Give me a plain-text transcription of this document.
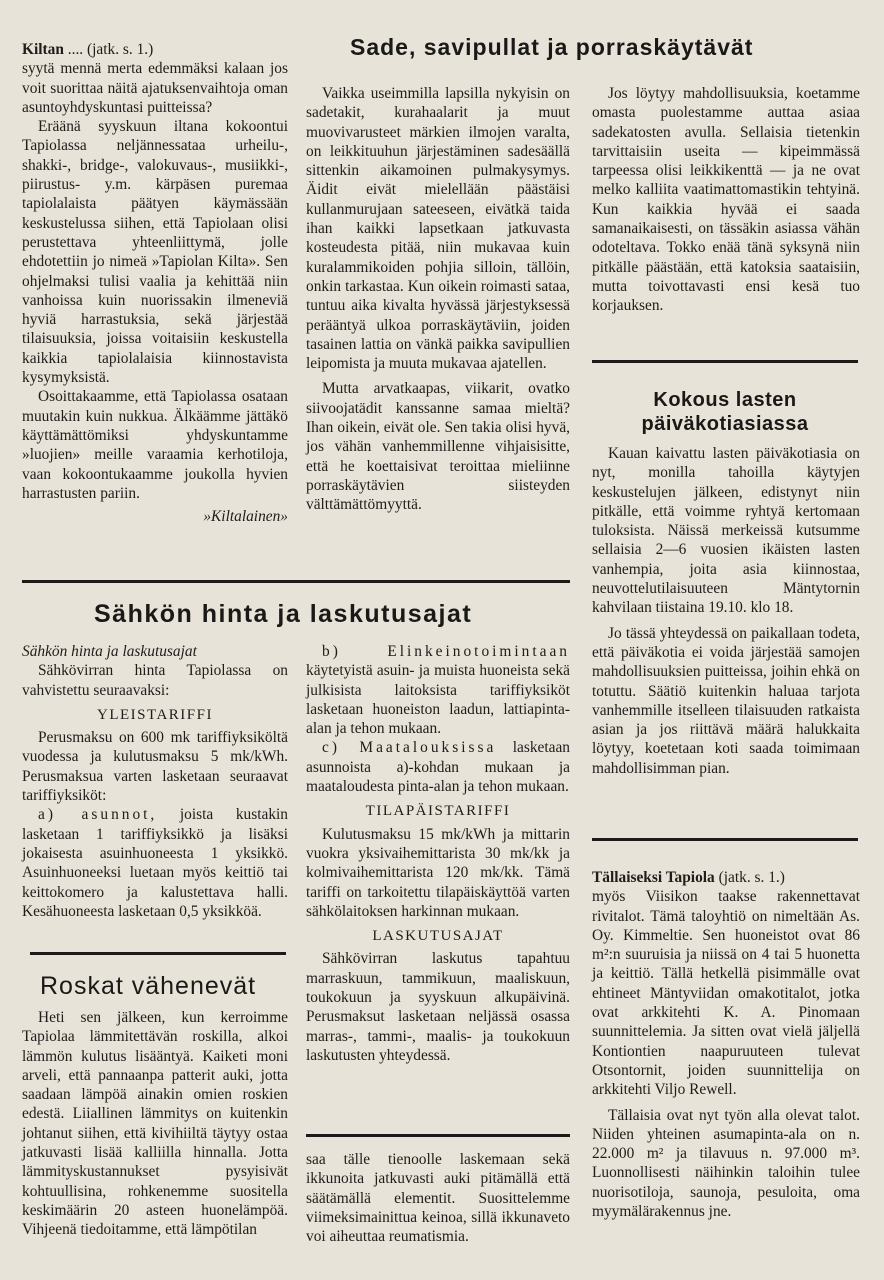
Kiltan .... (jatk. s. 1.)

syytä mennä merta edemmäksi kalaan jos voit suorittaa näitä ajatuksenvaihtoja oman asuntoyhdyskuntasi puitteissa?

Eräänä syyskuun iltana kokoontui Tapiolassa neljännessataa urheilu-, shakki-, bridge-, valokuvaus-, musiikki-, piirustus- y.m. kärpäsen puremaa tapiolalaista päätyen käymässään keskustelussa siihen, että Tapiolaan olisi perustettava yhteenliittymä, jolle ehdotettiin jo nimeä »Tapiolan Kilta». Sen ohjelmaksi tulisi vaalia ja kehittää niin vanhoissa kuin nuorissakin ilmeneviä hyviä harrastuksia, sekä järjestää tilaisuuksia, joissa voitaisiin keskustella kaikkia tapiolalaisia kiinnostavista kysymyksistä.

Osoittakaamme, että Tapiolassa osataan muutakin kuin nukkua. Älkäämme jättäkö käyttämättömiksi yhdyskuntamme »luojien» meille varaamia kerhotiloja, vaan kokoontukaamme joukolla hyvien harrastusten pariin.

»Kiltalainen»

Sade, savipullat ja porraskäytävät

Vaikka useimmilla lapsilla nykyisin on sadetakit, kurahaalarit ja muut muovivarusteet märkien ilmojen varalta, on leikkituuhun järjestäminen sadesäällä sittenkin aikamoinen pulmakysymys. Äidit eivät mielellään päästäisi kullanmurujaan sateeseen, eivätkä taida ihan kaikki lapsetkaan jatkuvasta kosteudesta pitää, niin mukavaa kuin kuralammikoiden pohjia silloin, tällöin, onkin tarkastaa. Kun oikein roimasti sataa, tuntuu aika kivalta hyvässä järjestyksessä perääntyä ulkoa porraskäytäviin, joiden tasainen lattia on vänkä paikka savipullien leipomista ja muuta mukavaa ajatellen.

Mutta arvatkaapas, viikarit, ovatko siivoojatädit kanssanne samaa mieltä? Ihan oikein, eivät ole. Sen takia olisi hyvä, jos vähän vanhemmillenne vihjaisisitte, että he koettaisivat teroittaa mieliinne porraskäytävien siisteyden välttämättömyyttä.

Jos löytyy mahdollisuuksia, koetamme omasta puolestamme auttaa asiaa sadekatosten avulla. Sellaisia tietenkin tarvittaisiin useita — kipeimmässä tarpeessa olisi leikkikenttä — ja ne ovat melko kalliita vaatimattomastikin tehtyinä. Kun kaikkia hyvää ei saada samanaikaisesti, on tässäkin asiassa vähän odoteltava. Tokko enää tänä syksynä niin pitkälle päästään, että katoksia saataisiin, mutta toivottavasti ensi kesä tuo korjauksen.

Kokous lasten
päiväkotiasiassa

Kauan kaivattu lasten päiväkotiasia on nyt, monilla tahoilla käytyjen keskustelujen jälkeen, edistynyt niin pitkälle, että voimme ryhtyä kertomaan tuloksista. Näissä merkeissä kutsumme sellaisia 2—6 vuosien ikäisten lasten vanhempia, joita asia kiinnostaa, neuvottelutilaisuuteen Mäntytornin kahvilaan tiistaina 19.10. klo 18.

Jo tässä yhteydessä on paikallaan todeta, että päiväkotia ei voida järjestää samojen mahdollisuuksien puitteissa, joihin ehkä on totuttu. Säätiö kuitenkin haluaa tarjota vanhemmille itselleen tilaisuuden ratkaista asian ja jos riittävä määrä halukkaita löytyy, koetetaan koti saada toimimaan mahdollisimman pian.

Tällaiseksi Tapiola (jatk. s. 1.)

myös Viisikon taakse rakennettavat rivitalot. Tämä taloyhtiö on nimeltään As. Oy. Kimmeltie. Sen huoneistot ovat 86 m²:n suuruisia ja niissä on 4 tai 5 huonetta ja keittiö. Tällä hetkellä pisimmälle ovat ehtineet Mäntyviidan omakotitalot, jotka ovat arkkitehti K. A. Pinomaan suunnittelemia. Ja sitten ovat vielä jäljellä Kontiontien naapuruuteen tulevat Otsontornit, joiden suunnittelija on arkkitehti Viljo Rewell.

Tällaisia ovat nyt työn alla olevat talot. Niiden yhteinen asumapinta-ala on n. 22.000 m² ja tilavuus n. 97.000 m³. Luonnollisesti näihinkin taloihin tulee nuorisotiloja, saunoja, pesuloita, oma myymälärakennus jne.

Sähkön hinta ja laskutusajat

Sähkön hinta ja laskutusajat

Sähkövirran hinta Tapiolassa on vahvistettu seuraavaksi:

YLEISTARIFFI

Perusmaksu on 600 mk tariffiyksiköltä vuodessa ja kulutusmaksu 5 mk/kWh. Perusmaksua varten lasketaan seuraavat tariffiyksiköt:

a) asunnot, joista kustakin lasketaan 1 tariffiyksikkö ja lisäksi jokaisesta asuinhuoneesta 1 yksikkö. Asuinhuoneeksi luetaan myös keittiö tai keittokomero ja kalustettava halli. Kesähuoneesta lasketaan 0,5 yksikköä.

b) Elinkeinotoimintaan käytetyistä asuin- ja muista huoneista sekä julkisista laitoksista tariffiyksiköt lasketaan huoneiston laadun, lattiapinta-alan ja tehon mukaan.

c) Maatalouksissa lasketaan asunnoista a)-kohdan mukaan ja maataloudesta pinta-alan ja tehon mukaan.

TILAPÄISTARIFFI

Kulutusmaksu 15 mk/kWh ja mittarin vuokra yksivaihemittarista 30 mk/kk ja kolmivaihemittarista 120 mk/kk. Tämä tariffi on tarkoitettu tilapäiskäyttöä varten sähkölaitoksen harkinnan mukaan.

LASKUTUSAJAT

Sähkövirran laskutus tapahtuu marraskuun, tammikuun, maaliskuun, toukokuun ja syyskuun alkupäivinä. Perusmaksut lasketaan neljässä osassa marras-, tammi-, maalis- ja toukokuun laskutusten yhteydessä.

Roskat vähenevät

Heti sen jälkeen, kun kerroimme Tapiolaa lämmitettävän roskilla, alkoi lämmön kulutus lisääntyä. Kaiketi moni arveli, että pannaanpa patterit auki, jotta saadaan lämpöä ainakin omien roskien edestä. Liiallinen lämmitys on kuitenkin johtanut siihen, että kivihiiltä täytyy ostaa jatkuvasti lisää kalliilla hinnalla. Jotta lämmityskustannukset pysyisivät kohtuullisina, rohkenemme suositella keskimäärin 20 asteen huonelämpöä. Vihjeenä tiedoitamme, että lämpötilan

saa tälle tienoolle laskemaan sekä ikkunoita jatkuvasti auki pitämällä että säätämällä elementit. Suosittelemme viimeksimainittua keinoa, sillä ikkunaveto voi aiheuttaa reumatismia.
